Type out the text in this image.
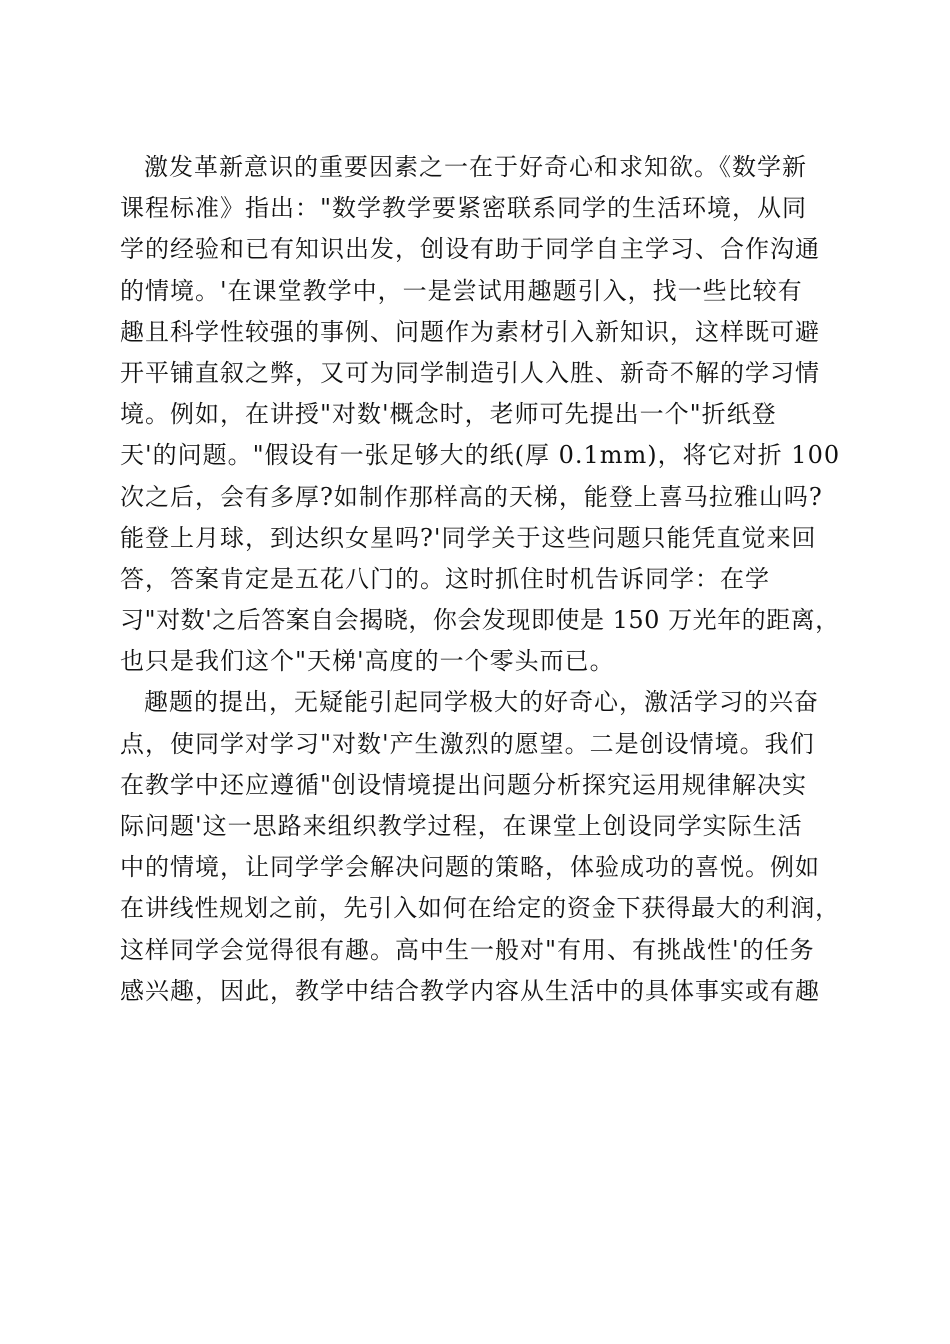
激发革新意识的重要因素之一在于好奇心和求知欲。《数学新
课程标准》指出："数学教学要紧密联系同学的生活环境，从同
学的经验和已有知识出发，创设有助于同学自主学习、合作沟通
的情境。'在课堂教学中，一是尝试用趣题引入，找一些比较有
趣且科学性较强的事例、问题作为素材引入新知识，这样既可避
开平铺直叙之弊，又可为同学制造引人入胜、新奇不解的学习情
境。例如，在讲授"对数'概念时，老师可先提出一个"折纸登
天'的问题。"假设有一张足够大的纸(厚 0.1mm)，将它对折 100
次之后，会有多厚?如制作那样高的天梯，能登上喜马拉雅山吗?
能登上月球，到达织女星吗?'同学关于这些问题只能凭直觉来回
答，答案肯定是五花八门的。这时抓住时机告诉同学：在学
习"对数'之后答案自会揭晓，你会发现即使是 150 万光年的距离，
也只是我们这个"天梯'高度的一个零头而已。
趣题的提出，无疑能引起同学极大的好奇心，激活学习的兴奋
点，使同学对学习"对数'产生激烈的愿望。二是创设情境。我们
在教学中还应遵循"创设情境提出问题分析探究运用规律解决实
际问题'这一思路来组织教学过程，在课堂上创设同学实际生活
中的情境，让同学学会解决问题的策略，体验成功的喜悦。例如
在讲线性规划之前，先引入如何在给定的资金下获得最大的利润，
这样同学会觉得很有趣。高中生一般对"有用、有挑战性'的任务
感兴趣，因此，教学中结合教学内容从生活中的具体事实或有趣
